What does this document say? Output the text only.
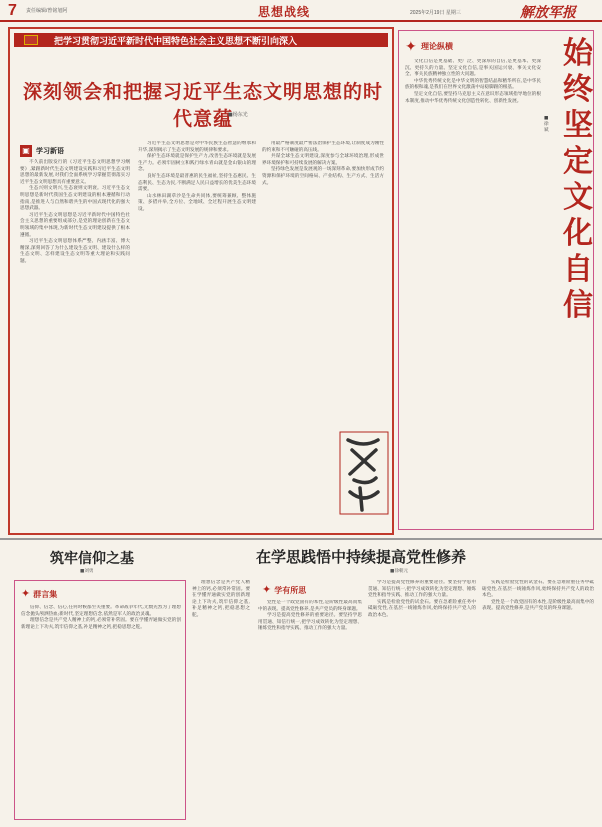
7 责任编辑/曾铭旭阿	思想战线	2025年2月19日 星期三	解放军报
把学习贯彻习近平新时代中国特色社会主义思想不断引向深入
深刻领会和把握习近平生态文明思想的时代意蕴
■杨东光
▣ 学习新语

不久前出版发行的《习近平生态文明思想学习纲要》,紧跟新时代生态文明建设实践和习近平生态文明思想的最新发展,对我们全面系统学习掌握贯彻落实习近平生态文明思想具有重要意义。

生态兴则文明兴,生态衰则文明衰。习近平生态文明思想是新时代我国生态文明建设的根本遵循和行动指南,是推进人与自然和谐共生的中国式现代化的强大思想武器。

习近平生态文明思想是习近平新时代中国特色社会主义思想的重要组成部分,是党的理论创新在生态文明领域的集中体现,为新时代生态文明建设提供了根本遵循。

习近平生态文明思想体系严整、内涵丰富、博大精深,深刻回答了为什么建设生态文明、建设什么样的生态文明、怎样建设生态文明等重大理论和实践问题。

习近平生态文明思想是对中华民族生态智慧的继承和升华,深刻揭示了生态文明发展的规律和要求。

保护生态环境就是保护生产力,改善生态环境就是发展生产力。必须牢固树立和践行绿水青山就是金山银山的理念。

良好生态环境是最普惠的民生福祉,坚持生态惠民、生态利民、生态为民,不断满足人民日益增长的优美生态环境需要。

山水林田湖草沙是生命共同体,要统筹兼顾、整体施策、多措并举,全方位、全地域、全过程开展生态文明建设。

用最严格制度最严密法治保护生态环境,让制度成为刚性的约束和不可触碰的高压线。

共谋全球生态文明建设,深度参与全球环境治理,形成世界环境保护和可持续发展的解决方案。

坚持绿色发展是发展观的一场深刻革命,要加快形成节约资源和保护环境的空间格局、产业结构、生产方式、生活方式。

✦ 理论纵横

文化自信是更基础、更广泛、更深厚的自信,是更基本、更深沉、更持久的力量。坚定文化自信,是事关国运兴衰、事关文化安全、事关民族精神独立性的大问题。

中华优秀传统文化是中华文明的智慧结晶和精华所在,是中华民族的根和魂,是我们在世界文化激荡中站稳脚跟的根基。

坚定文化自信,要坚持马克思主义在意识形态领域指导地位的根本制度,推动中华优秀传统文化创造性转化、创新性发展。

始
终
坚
定
文
化
自
信
■徐斌
筑牢信仰之基
■刘勇
✦ 群言集

信仰、信念、信心,任何时候都至关重要。革命战争年代,无数先烈为了理想信念抛头颅洒热血;新时代,坚定理想信念,依然是军人的政治灵魂。

理想信念是共产党人精神上的钙,必须常补常固。要在学懂弄通做实党的创新理论上下功夫,筑牢信仰之基,补足精神之钙,把稳思想之舵。

理想信念是共产党人精神上的钙,必须常补常固。要在学懂弄通做实党的创新理论上下功夫,筑牢信仰之基,补足精神之钙,把稳思想之舵。

在学思践悟中持续提高党性修养
■徐朝元
✦ 学有所思

党性是一个政党固有的本性,是阶级性最高而集中的表现。提高党性修养,是共产党员的终身课题。

学习是提高党性修养的重要途径。要坚持学思用贯通、知信行统一,把学习成效转化为坚定理想、锤炼党性和指导实践、推动工作的强大力量。

学习是提高党性修养的重要途径。要坚持学思用贯通、知信行统一,把学习成效转化为坚定理想、锤炼党性和指导实践、推动工作的强大力量。

实践是检验党性的试金石。要在急难险重任务中砥砺党性,在基层一线锤炼作风,始终保持共产党人的政治本色。

实践是检验党性的试金石。要在急难险重任务中砥砺党性,在基层一线锤炼作风,始终保持共产党人的政治本色。

党性是一个政党固有的本性,是阶级性最高而集中的表现。提高党性修养,是共产党员的终身课题。
